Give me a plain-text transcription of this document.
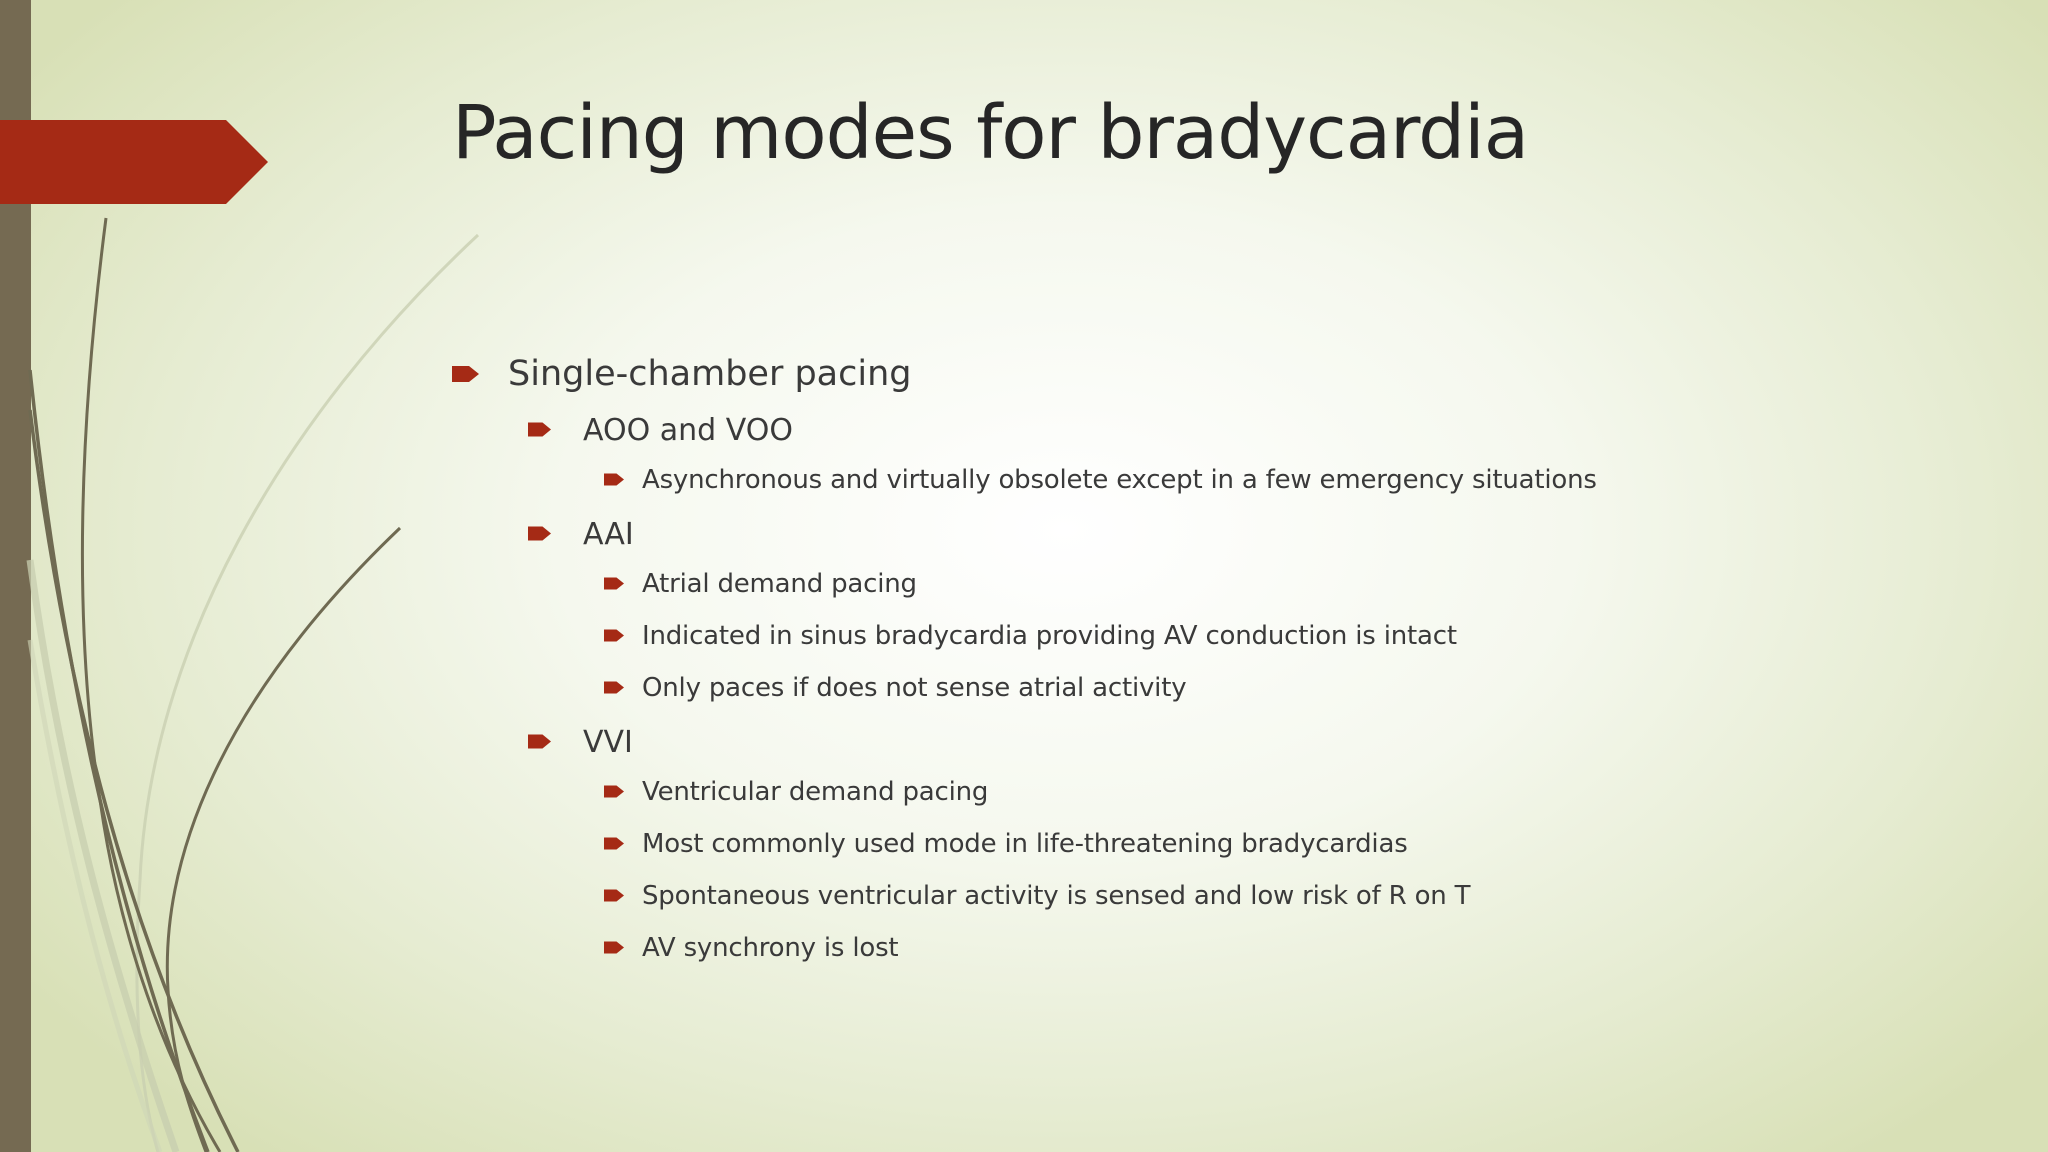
Pacing modes for bradycardia
Single-chamber pacing
AOO and VOO
Asynchronous and virtually obsolete except in a few emergency situations
AAI
Atrial demand pacing
Indicated in sinus bradycardia providing AV conduction is intact
Only paces if does not sense atrial activity
VVI
Ventricular demand pacing
Most commonly used mode in life-threatening bradycardias
Spontaneous ventricular activity is sensed and low risk of R on T
AV synchrony is lost
